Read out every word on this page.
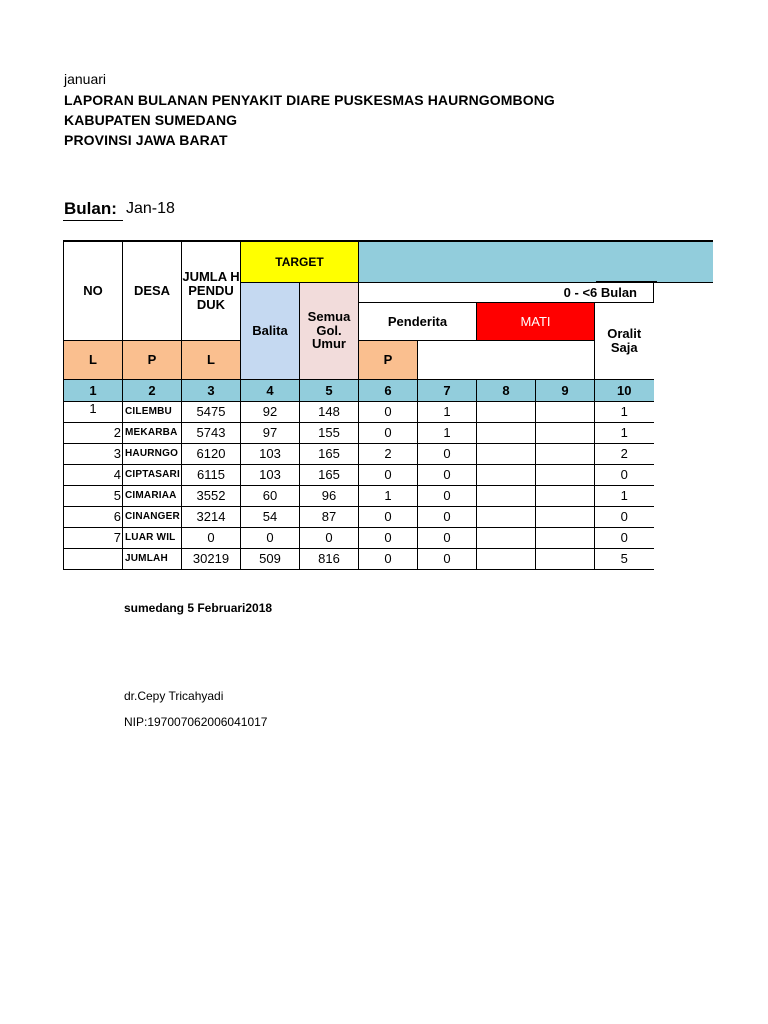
januari
LAPORAN BULANAN PENYAKIT DIARE PUSKESMAS HAURNGOMBONG
KABUPATEN SUMEDANG
PROVINSI JAWA BARAT
Bulan: Jan-18
NO	DESA	JUMLA H PENDU DUK	TARGET							
			Balita	Semua Gol. Umur	0 - <6 Bulan	
					Penderita		MATI		Oralit Saja	
L	P	L			P					
1	2	3	4	5	6	7	8	9	10	
1	CILEMBU	5475	92	148	0	1			1	
2	MEKARBA	5743	97	155	0	1			1	
3	HAURNGO	6120	103	165	2	0			2	
4	CIPTASARI	6115	103	165	0	0			0	
5	CIMARIAA	3552	60	96	1	0			1	
6	CINANGER	3214	54	87	0	0			0	
7	LUAR WIL	0	0	0	0	0			0	
	JUMLAH	30219	509	816	0	0			5	
sumedang 5 Februari2018
dr.Cepy Tricahyadi
NIP:197007062006041017
